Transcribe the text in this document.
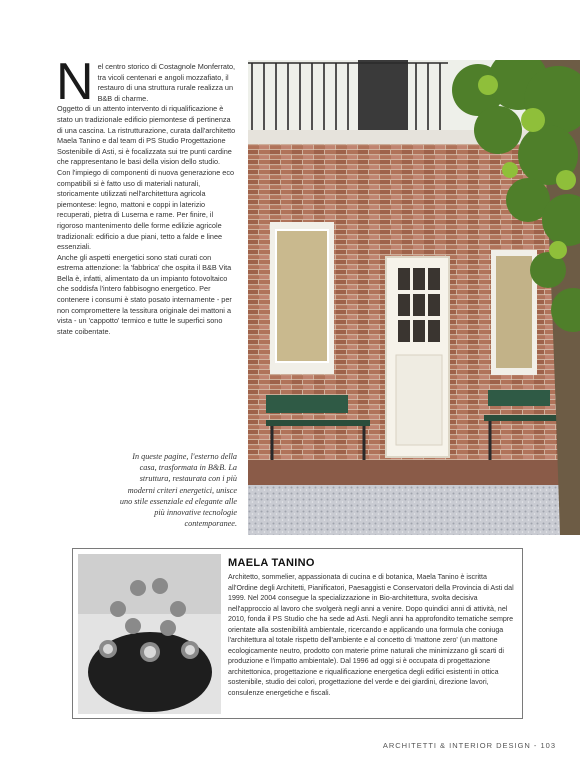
Nel centro storico di Costagnole Monferrato, tra vicoli centenari e angoli mozzafiato, il restauro di una struttura rurale realizza un B&B di charme.

Oggetto di un attento intervento di riqualificazione è stato un tradizionale edificio piemontese di pertinenza di una cascina. La ristrutturazione, curata dall'architetto Maela Tanino e dal team di PS Studio Progettazione Sostenibile di Asti, si è focalizzata sui tre punti cardine che rappresentano le basi della vision dello studio.

Con l'impiego di componenti di nuova generazione eco compatibili si è fatto uso di materiali naturali, storicamente utilizzati nell'architettura agricola piemontese: legno, mattoni e coppi in laterizio recuperati, pietra di Luserna e rame. Per finire, il rigoroso mantenimento delle forme edilizie agricole tradizionali: edificio a due piani, tetto a falde e linee essenziali.

Anche gli aspetti energetici sono stati curati con estrema attenzione: la 'fabbrica' che ospita il B&B Vita Bella è, infatti, alimentato da un impianto fotovoltaico che soddisfa l'intero fabbisogno energetico. Per contenere i consumi è stato posato internamente - per non compromettere la tessitura originale dei mattoni a vista - un 'cappotto' termico e tutte le superfici sono state coibentate.

In queste pagine, l'esterno della casa, trasformata in B&B. La struttura, restaurata con i più moderni criteri energetici, unisce uno stile essenziale ed elegante alle più innovative tecnologie contemporanee.

MAELA TANINO

Architetto, sommelier, appassionata di cucina e di botanica, Maela Tanino è iscritta all'Ordine degli Architetti, Pianificatori, Paesaggisti e Conservatori della Provincia di Asti dal 1999. Nel 2004 consegue la specializzazione in Bio-architettura, svolta decisiva nell'approccio al lavoro che svolgerà negli anni a venire. Dopo quindici anni di attività, nel 2010, fonda il PS Studio che ha sede ad Asti. Negli anni ha approfondito tematiche sempre orientate alla sostenibilità ambientale, ricercando e applicando una formula che coniuga l'architettura al totale rispetto dell'ambiente e al concetto di 'mattone zero' (un mattone ecologicamente neutro, prodotto con materie prime naturali che minimizzano gli scarti di produzione e l'impatto ambientale). Dal 1996 ad oggi si è occupata di progettazione architettonica, progettazione e riqualificazione energetica degli edifici esistenti in ottica sostenibile, studio dei colori, progettazione del verde e dei giardini, direzione lavori, consulenze energetiche e fiscali.

ARCHITETTI & INTERIOR DESIGN - 103
